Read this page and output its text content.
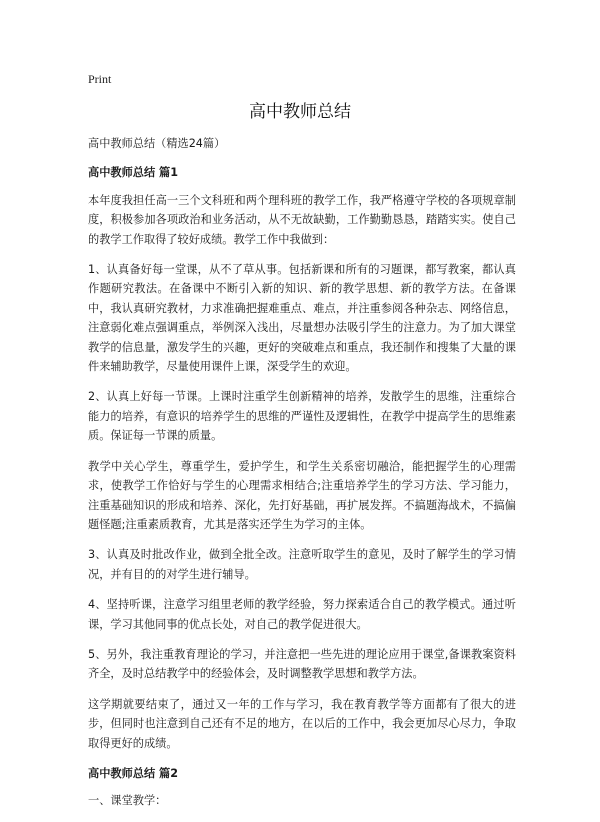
Print
高中教师总结

高中教师总结（精选24篇）

高中教师总结 篇1

本年度我担任高一三个文科班和两个理科班的教学工作，我严格遵守学校的各项规章制度，积极参加各项政治和业务活动，从不无故缺勤，工作勤勤恳恳，踏踏实实。使自己的教学工作取得了较好成绩。教学工作中我做到：

1、认真备好每一堂课，从不了草从事。包括新课和所有的习题课，都写教案，都认真作题研究教法。在备课中不断引入新的知识、新的教学思想、新的教学方法。在备课中，我认真研究教材，力求准确把握难重点、难点，并注重参阅各种杂志、网络信息，注意弱化难点强调重点，举例深入浅出，尽量想办法吸引学生的注意力。为了加大课堂教学的信息量，激发学生的兴趣，更好的突破难点和重点，我还制作和搜集了大量的课件来辅助教学，尽量使用课件上课，深受学生的欢迎。

2、认真上好每一节课。上课时注重学生创新精神的培养，发散学生的思维，注重综合能力的培养，有意识的培养学生的思维的严谨性及逻辑性，在教学中提高学生的思维素质。保证每一节课的质量。

教学中关心学生，尊重学生，爱护学生，和学生关系密切融洽，能把握学生的心理需求，使教学工作恰好与学生的心理需求相结合;注重培养学生的学习方法、学习能力，注重基础知识的形成和培养、深化，先打好基础，再扩展发挥。不搞题海战术，不搞偏题怪题;注重素质教育，尤其是落实还学生为学习的主体。

3、认真及时批改作业，做到全批全改。注意听取学生的意见，及时了解学生的学习情况，并有目的的对学生进行辅导。

4、坚持听课，注意学习组里老师的教学经验，努力探索适合自己的教学模式。通过听课，学习其他同事的优点长处，对自己的教学促进很大。

5、另外，我注重教育理论的学习，并注意把一些先进的理论应用于课堂,备课教案资料齐全，及时总结教学中的经验体会，及时调整教学思想和教学方法。

这学期就要结束了，通过又一年的工作与学习，我在教育教学等方面都有了很大的进步，但同时也注意到自己还有不足的地方，在以后的工作中，我会更加尽心尽力，争取取得更好的成绩。

高中教师总结 篇2

一、课堂教学：
